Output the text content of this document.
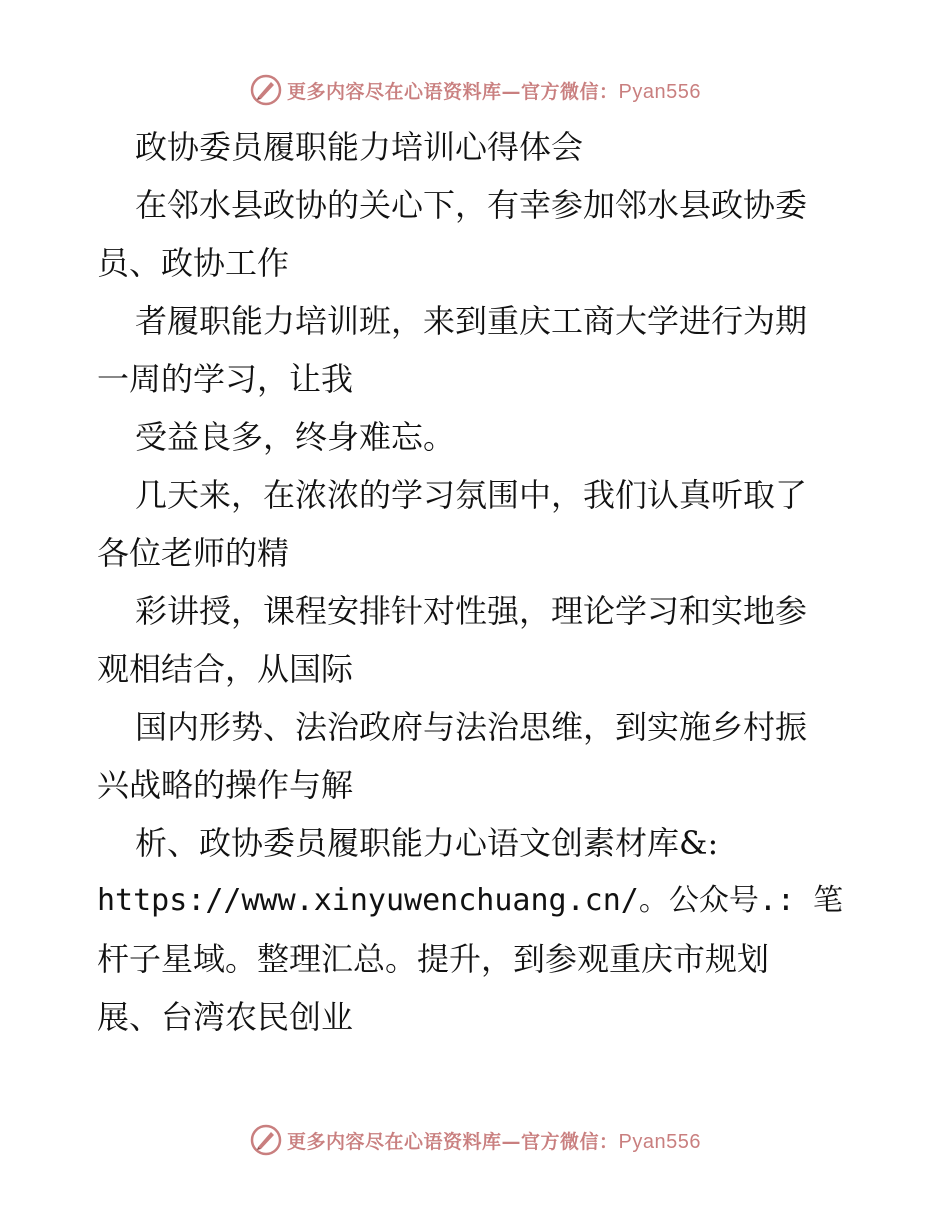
更多内容尽在心语资料库—官方微信：Pyan556
政协委员履职能力培训心得体会
在邻水县政协的关心下，有幸参加邻水县政协委
员、政协工作
者履职能力培训班，来到重庆工商大学进行为期
一周的学习，让我
受益良多，终身难忘。
几天来，在浓浓的学习氛围中，我们认真听取了
各位老师的精
彩讲授，课程安排针对性强，理论学习和实地参
观相结合，从国际
国内形势、法治政府与法治思维，到实施乡村振
兴战略的操作与解
析、政协委员履职能力心语文创素材库&:
https://www.xinyuwenchuang.cn/。公众号.: 笔
杆子星域。整理汇总。提升，到参观重庆市规划
展、台湾农民创业
更多内容尽在心语资料库—官方微信：Pyan556
